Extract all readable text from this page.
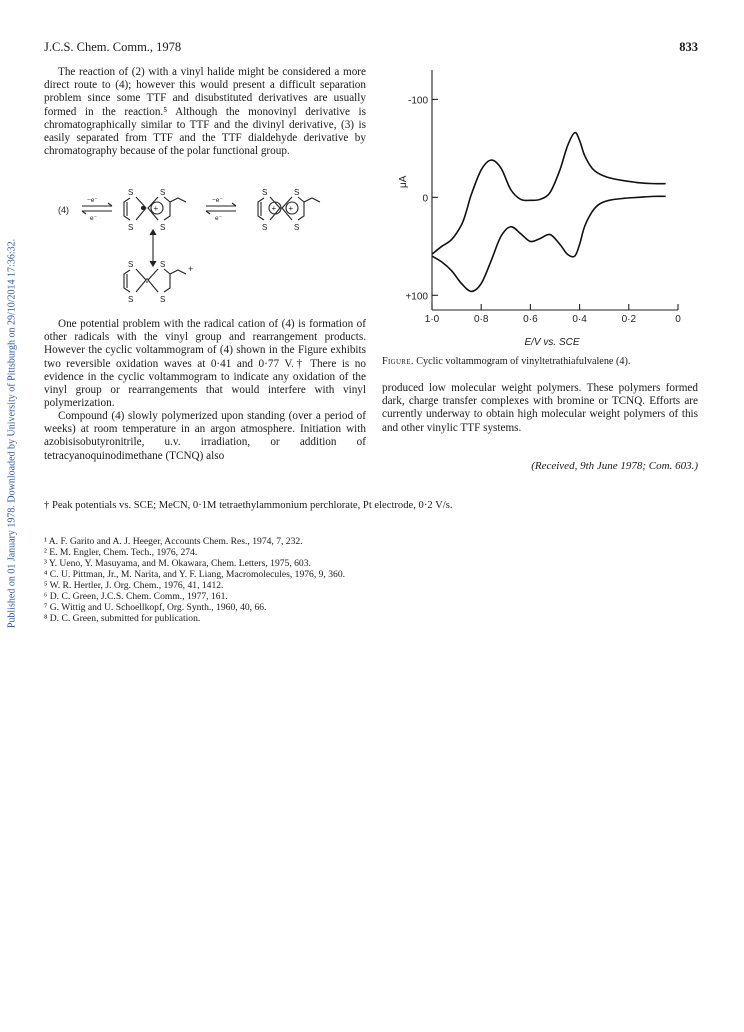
J.C.S. Chem. Comm., 1978	833
Published on 01 January 1978. Downloaded by University of Pittsburgh on 29/10/2014 17:36:32.

The reaction of (2) with a vinyl halide might be considered a more direct route to (4); however this would present a difficult separation problem since some TTF and disubstituted derivatives are usually formed in the reaction.⁵ Although the monovinyl derivative is chromatographically similar to TTF and the divinyl derivative, (3) is easily separated from TTF and the TTF dialdehyde derivative by chromatography because of the polar functional group.

(4)
−e⁻
e⁻
+
S
S
S
S
−e⁻
e⁻
+ +
S
S
S
S
+
S
S
S
S

One potential problem with the radical cation of (4) is formation of other radicals with the vinyl group and rearrangement products. However the cyclic voltammogram of (4) shown in the Figure exhibits two reversible oxidation waves at 0·41 and 0·77 V.† There is no evidence in the cyclic voltammogram to indicate any oxidation of the vinyl group or rearrangements that would interfere with vinyl polymerization.

Compound (4) slowly polymerized upon standing (over a period of weeks) at room temperature in an argon atmosphere. Initiation with azobisisobutyronitrile, u.v. irradiation, or addition of tetracyanoquinodimethane (TCNQ) also

-100
0
+100
1·0	0·8	0·6	0·4	0·2	0
μA
E/V vs. SCE
Figure. Cyclic voltammogram of vinyltetrathiafulvalene (4).

produced low molecular weight polymers. These polymers formed dark, charge transfer complexes with bromine or TCNQ. Efforts are currently underway to obtain high molecular weight polymers of this and other vinylic TTF systems.

(Received, 9th June 1978; Com. 603.)
† Peak potentials vs. SCE; MeCN, 0·1M tetraethylammonium perchlorate, Pt electrode, 0·2 V/s.
¹ A. F. Garito and A. J. Heeger, Accounts Chem. Res., 1974, 7, 232.
² E. M. Engler, Chem. Tech., 1976, 274.
³ Y. Ueno, Y. Masuyama, and M. Okawara, Chem. Letters, 1975, 603.
⁴ C. U. Pittman, Jr., M. Narita, and Y. F. Liang, Macromolecules, 1976, 9, 360.
⁵ W. R. Hertler, J. Org. Chem., 1976, 41, 1412.
⁶ D. C. Green, J.C.S. Chem. Comm., 1977, 161.
⁷ G. Wittig and U. Schoellkopf, Org. Synth., 1960, 40, 66.
⁸ D. C. Green, submitted for publication.
